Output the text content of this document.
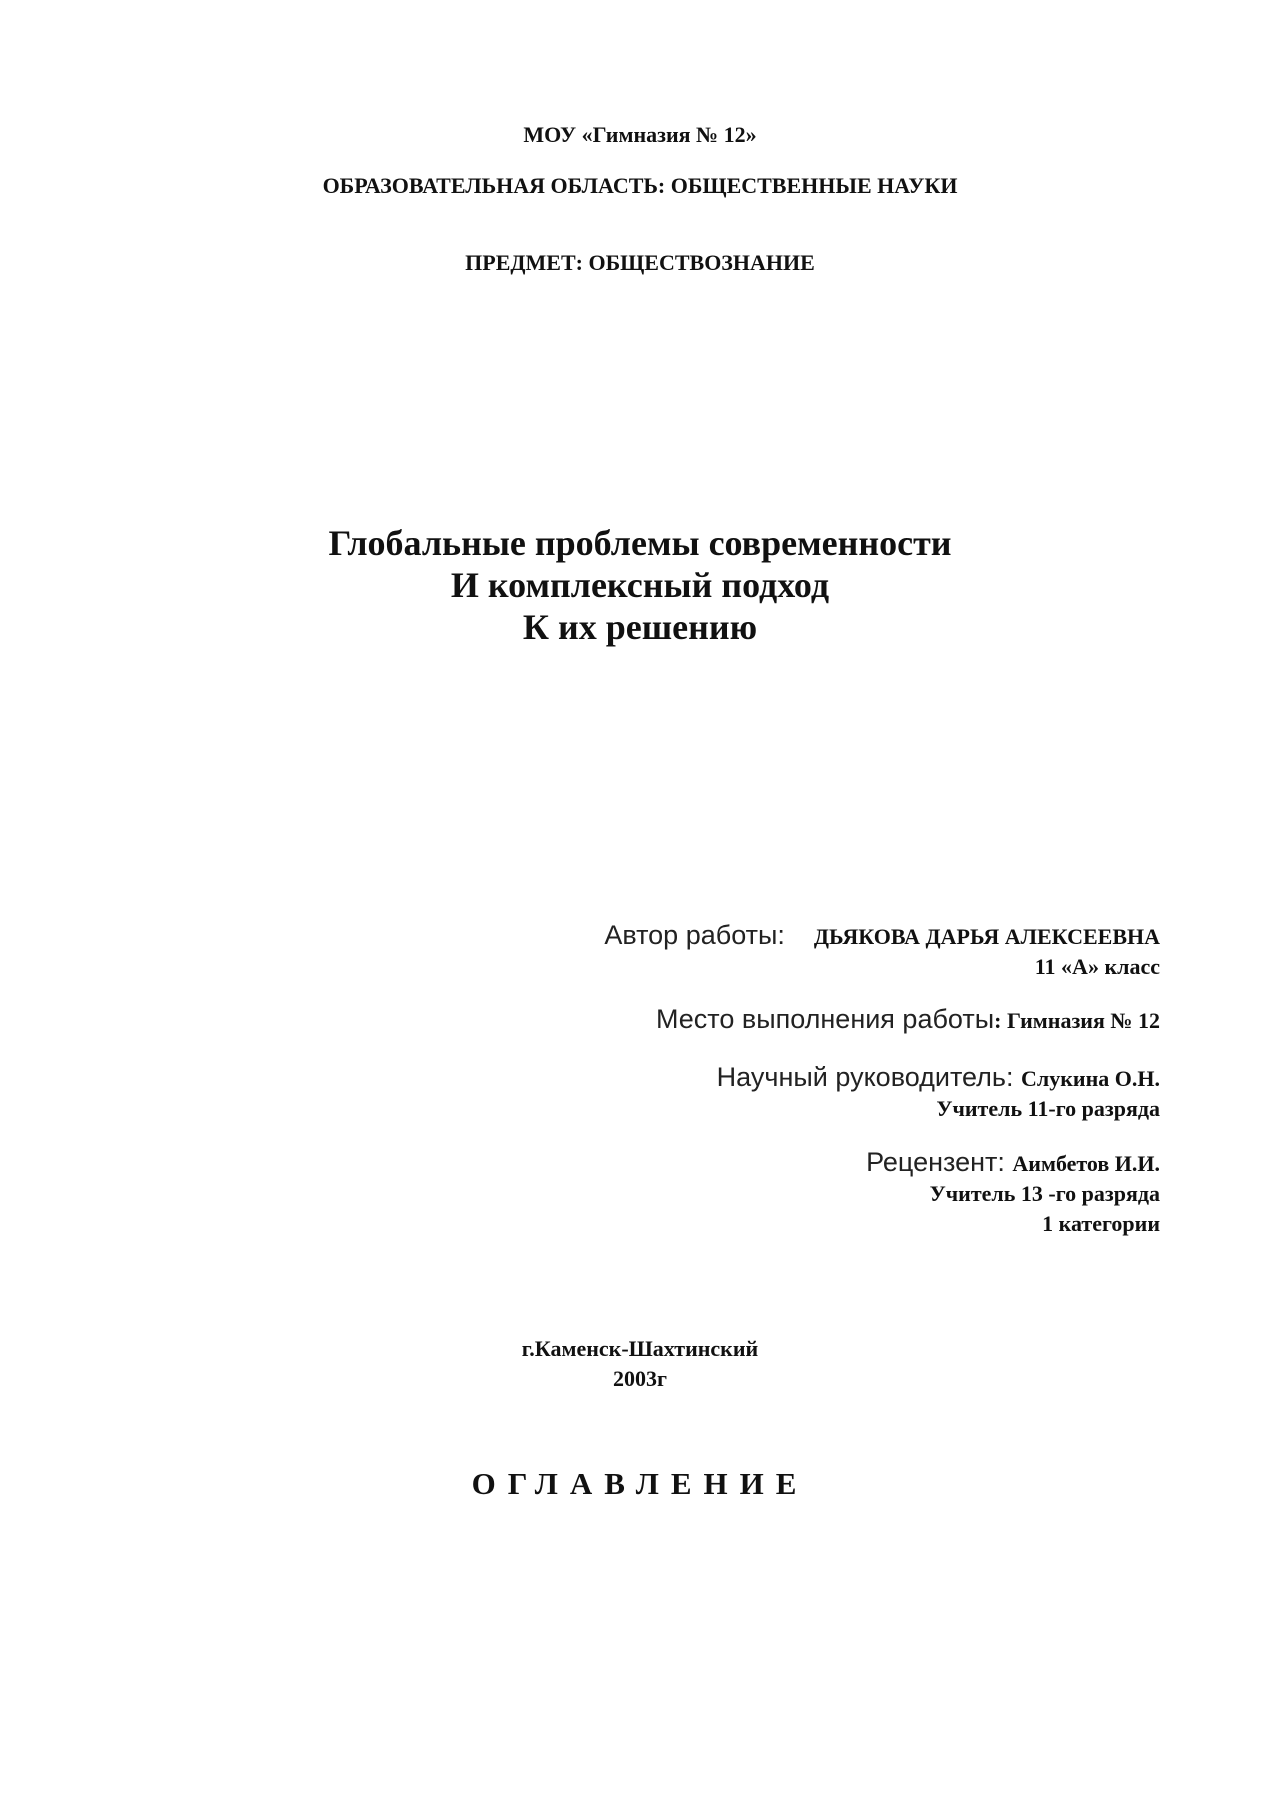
МОУ «Гимназия № 12»
ОБРАЗОВАТЕЛЬНАЯ ОБЛАСТЬ: ОБЩЕСТВЕННЫЕ НАУКИ
ПРЕДМЕТ: ОБЩЕСТВОЗНАНИЕ
Глобальные проблемы современности
И комплексный подход
К их решению
Автор работы: ДЬЯКОВА ДАРЬЯ АЛЕКСЕЕВНА
11 «А» класс
Место выполнения работы: Гимназия № 12
Научный руководитель: Слукина О.Н.
Учитель 11-го разряда
Рецензент: Аимбетов И.И.
Учитель 13 -го разряда
1 категории
г.Каменск-Шахтинский
2003г
ОГЛАВЛЕНИЕ
